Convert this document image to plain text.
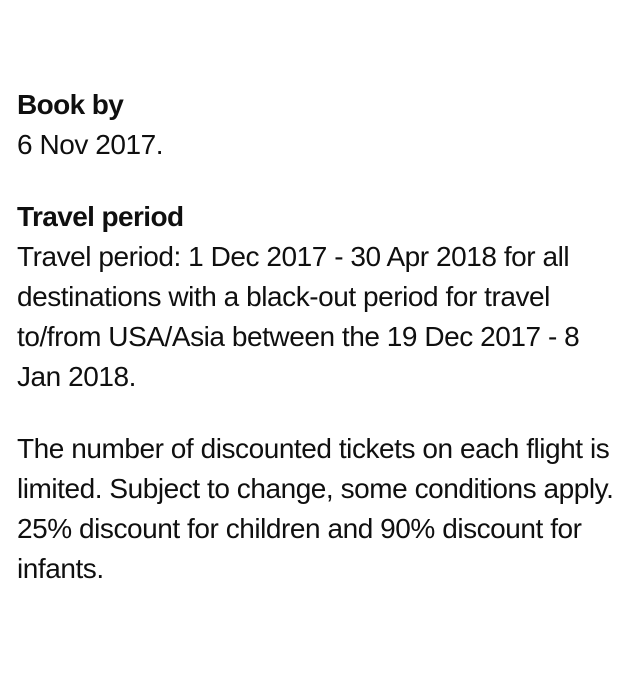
Book by
6 Nov 2017.
Travel period
Travel period: 1 Dec 2017 - 30 Apr 2018 for all
destinations with a black-out period for travel
to/from USA/Asia between the 19 Dec 2017 - 8
Jan 2018.
The number of discounted tickets on each flight is
limited. Subject to change, some conditions apply.
25% discount for children and 90% discount for
infants.
